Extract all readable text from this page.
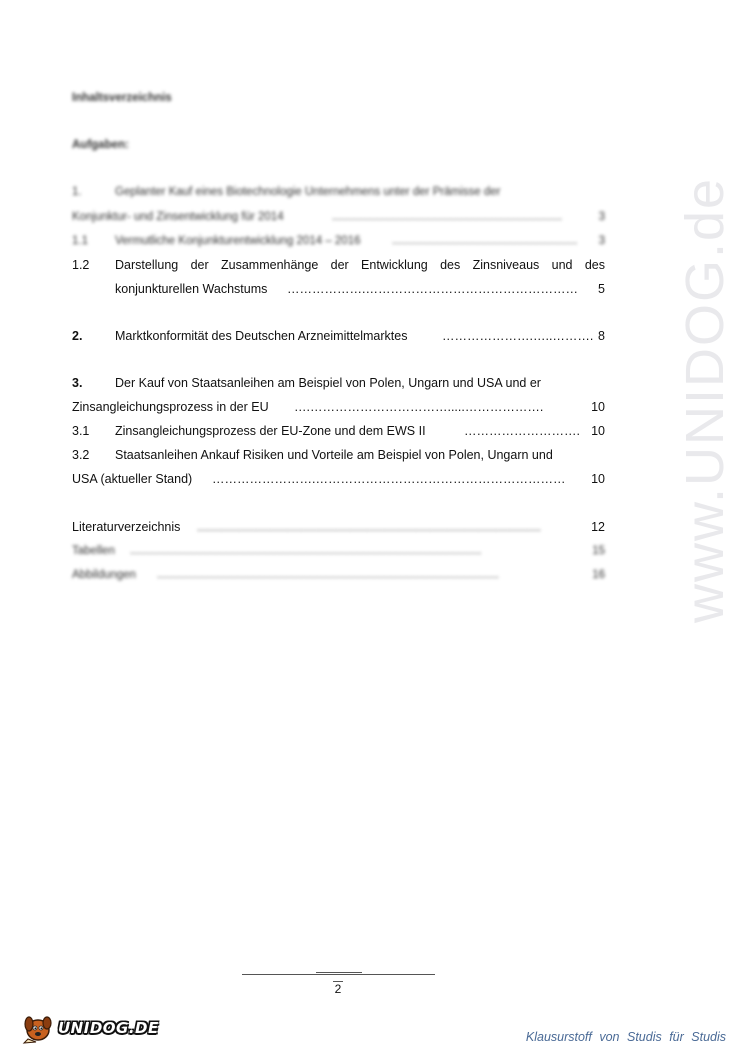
www.UNIDOG.de
Inhaltsverzeichnis
Aufgaben:
1.	Geplanter Kauf eines Biotechnologie Unternehmens unter der Prämisse der
Konjunktur- und Zinsentwicklung für 2014	........................................................................	3
1.1 Vermutliche Konjunkturentwicklung 2014 – 2016	..........................................................	3
1.2 Darstellung der Zusammenhänge der Entwicklung des Zinsniveaus und des
konjunkturellen Wachstums ……………….……………………………………………	5
2.	Marktkonformität des Deutschen Arzneimittelmarktes	………………….…..………. 8
3.	Der Kauf von Staatsanleihen am Beispiel von Polen, Ungarn und USA und er
Zinsangleichungsprozess in der EU	….…………………………….....……………….	10
3.1 Zinsangleichungsprozess der EU-Zone und dem EWS II	………………………. 10
3.2 Staatsanleihen Ankauf Risiken und Vorteile am Beispiel von Polen, Ungarn und
USA (aktueller Stand)	…………………….……………………………………………………	10
Literaturverzeichnis ...................................................................................................	12
Tabellen ..............................................................................................................	15
Abbildungen ...........................................................................................................	16
2
UNIDOG.DE	Klausurstoff von Studis für Studis
